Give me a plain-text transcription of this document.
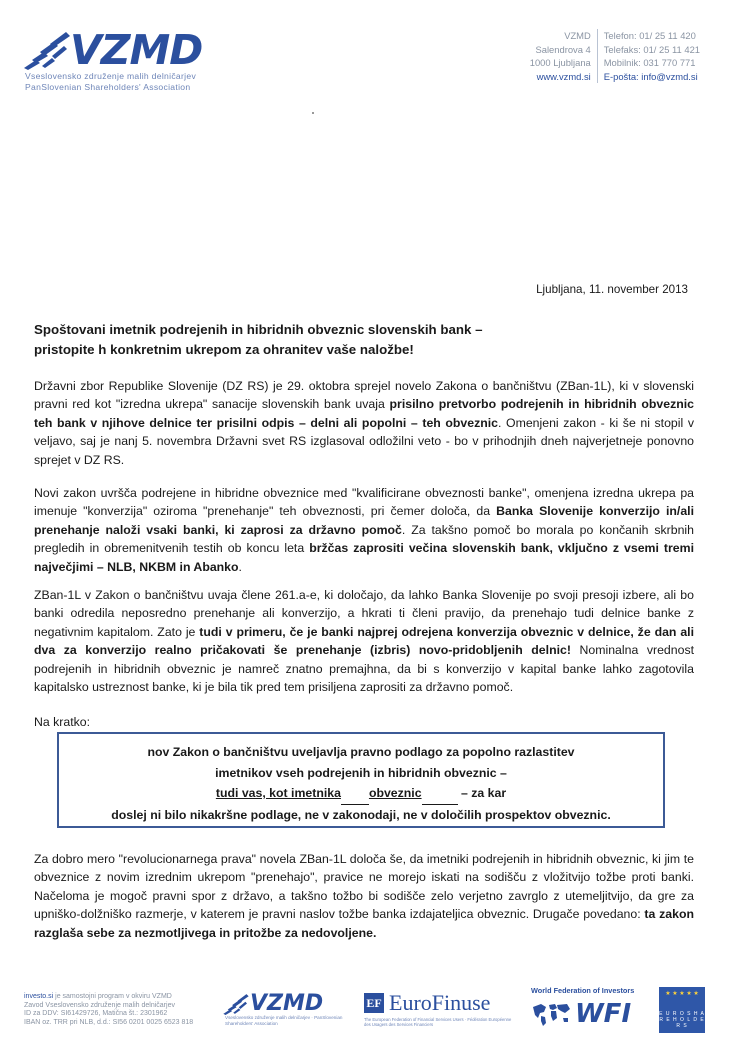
VZMD
Vseslovensko združenje malih delničarjev
PanSlovenian Shareholders' Association
VZMD
Salendrova 4
1000 Ljubljana
www.vzmd.si
Telefon: 01/ 25 11 420
Telefaks: 01/ 25 11 421
Mobilnik: 031 770 771
E-pošta: info@vzmd.si
Ljubljana, 11. november 2013
Spoštovani imetnik podrejenih in hibridnih obveznic slovenskih bank –
pristopite h konkretnim ukrepom za ohranitev vaše naložbe!
Državni zbor Republike Slovenije (DZ RS) je 29. oktobra sprejel novelo Zakona o bančništvu (ZBan-1L), ki v slovenski pravni red kot "izredna ukrepa" sanacije slovenskih bank uvaja prisilno pretvorbo podrejenih in hibridnih obveznic teh bank v njihove delnice ter prisilni odpis – delni ali popolni – teh obveznic. Omenjeni zakon - ki še ni stopil v veljavo, saj je nanj 5. novembra Državni svet RS izglasoval odložilni veto - bo v prihodnjih dneh najverjetneje ponovno sprejet v DZ RS.
Novi zakon uvršča podrejene in hibridne obveznice med "kvalificirane obveznosti banke", omenjena izredna ukrepa pa imenuje "konverzija" oziroma "prenehanje" teh obveznosti, pri čemer določa, da Banka Slovenije konverzijo in/ali prenehanje naloži vsaki banki, ki zaprosi za državno pomoč. Za takšno pomoč bo morala po končanih skrbnih pregledih in obremenitvenih testih ob koncu leta bržčas zaprositi večina slovenskih bank, vključno z vsemi tremi največjimi – NLB, NKBM in Abanko.
ZBan-1L v Zakon o bančništvu uvaja člene 261.a-e, ki določajo, da lahko Banka Slovenije po svoji presoji izbere, ali bo banki odredila neposredno prenehanje ali konverzijo, a hkrati ti členi pravijo, da prenehajo tudi delnice banke z negativnim kapitalom. Zato je tudi v primeru, če je banki najprej odrejena konverzija obveznic v delnice, že dan ali dva za konverzijo realno pričakovati še prenehanje (izbris) novo-pridobljenih delnic! Nominalna vrednost podrejenih in hibridnih obveznic je namreč znatno premajhna, da bi s konverzijo v kapital banke lahko zagotovila kapitalsko ustreznost banke, ki je bila tik pred tem prisiljena zaprositi za državno pomoč.
Na kratko:
nov Zakon o bančništvu uveljavlja pravno podlago za popolno razlastitev
imetnikov vseh podrejenih in hibridnih obveznic –
tudi vas, kot imetnika obveznic	– za kar
doslej ni bilo nikakršne podlage, ne v zakonodaji, ne v določilih prospektov obveznic.
Za dobro mero "revolucionarnega prava" novela ZBan-1L določa še, da imetniki podrejenih in hibridnih obveznic, ki jim te obveznice z novim izrednim ukrepom "prenehajo", pravice ne morejo iskati na sodišču z vložitvijo tožbe proti banki. Načeloma je mogoč pravni spor z državo, a takšno tožbo bi sodišče zelo verjetno zavrglo z utemeljitvijo, da gre za upniško-dolžniško razmerje, v katerem je pravni naslov tožbe banka izdajateljica obveznic. Drugače povedano: ta zakon razglaša sebe za nezmotljivega in pritožbe za nedovoljene.
investo.si je samostojni program v okviru VZMD
Zavod Vseslovensko združenje malih delničarjev
ID za DDV: SI61429726, Matična št.: 2301962
IBAN oz. TRR pri NLB, d.d.: SI56 0201 0025 6523 818
VZMD
Vseslovensko združenje malih delničarjev · PanSlovenian Shareholders' Association
EF EuroFinuse
The European Federation of Financial Services Users · Fédération Européenne des Usagers des Services Financiers
World Federation of Investors
WFI
★ ★ ★ ★ ★
E U R O S H A R E H O L D E R S
